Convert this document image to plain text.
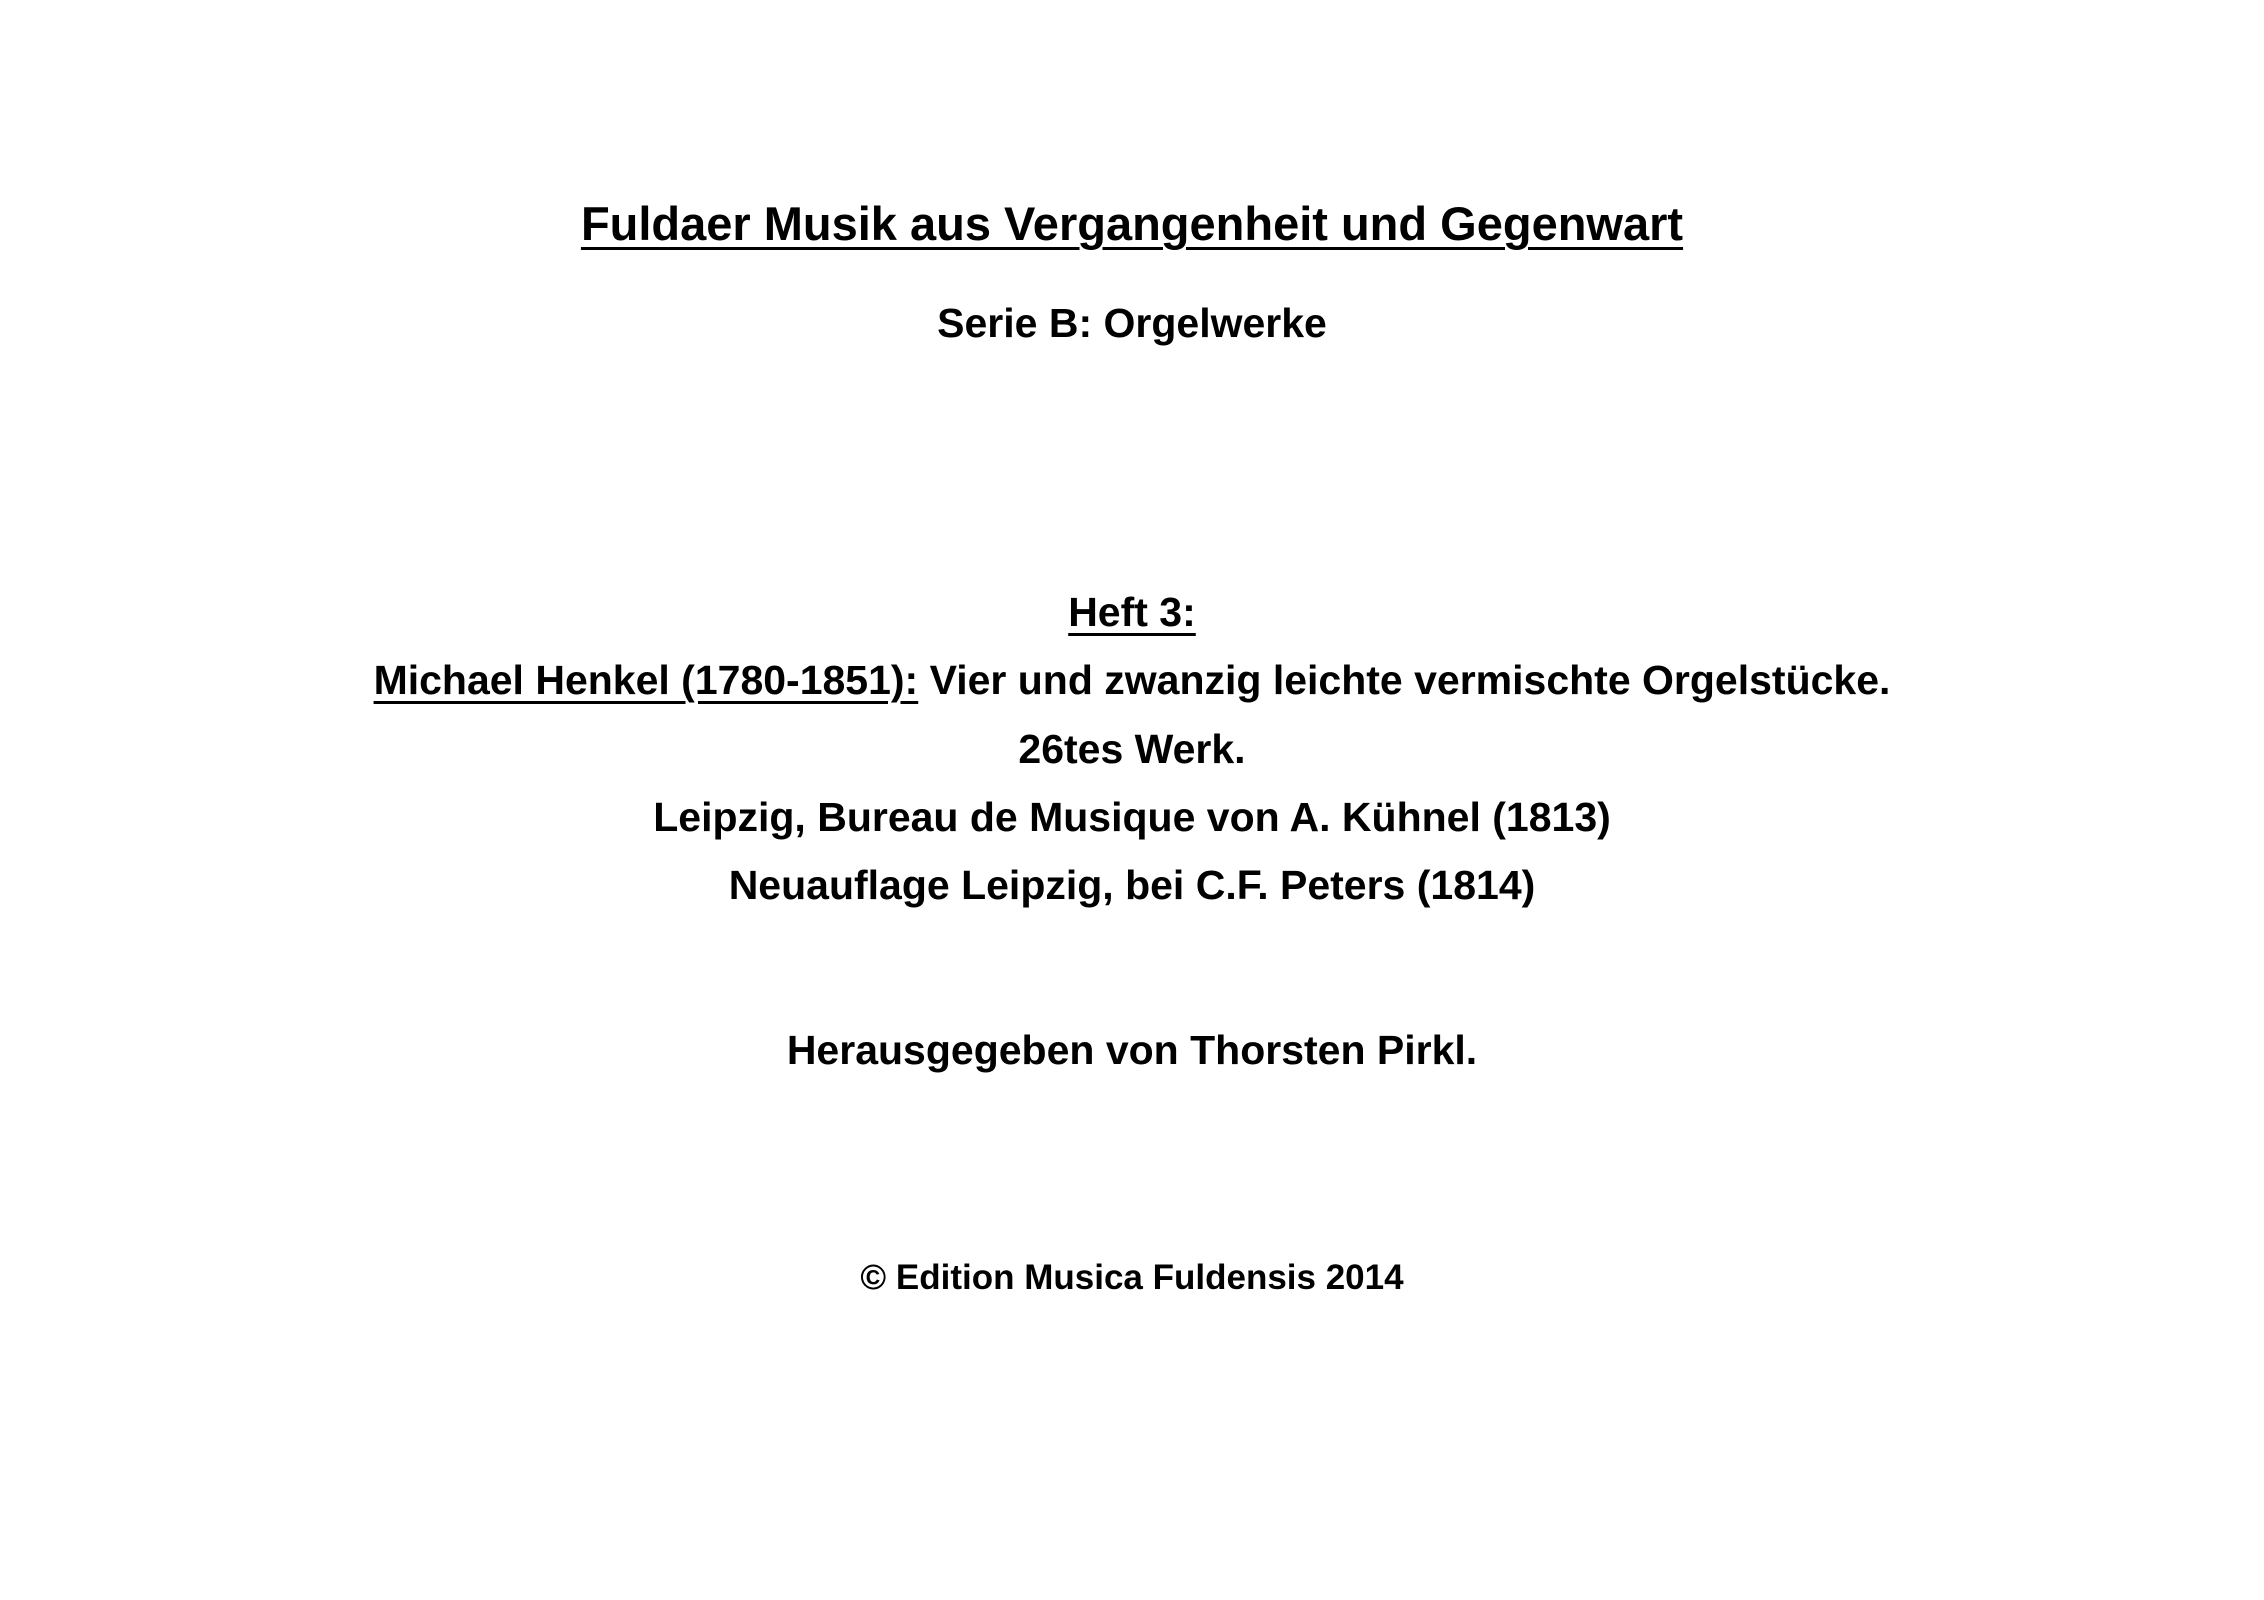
Fuldaer Musik aus Vergangenheit und Gegenwart
Serie B: Orgelwerke
Heft 3:
Michael Henkel (1780-1851): Vier und zwanzig leichte vermischte Orgelstücke.
26tes Werk.
Leipzig, Bureau de Musique von A. Kühnel (1813)
Neuauflage Leipzig, bei C.F. Peters (1814)
Herausgegeben von Thorsten Pirkl.
© Edition Musica Fuldensis 2014
